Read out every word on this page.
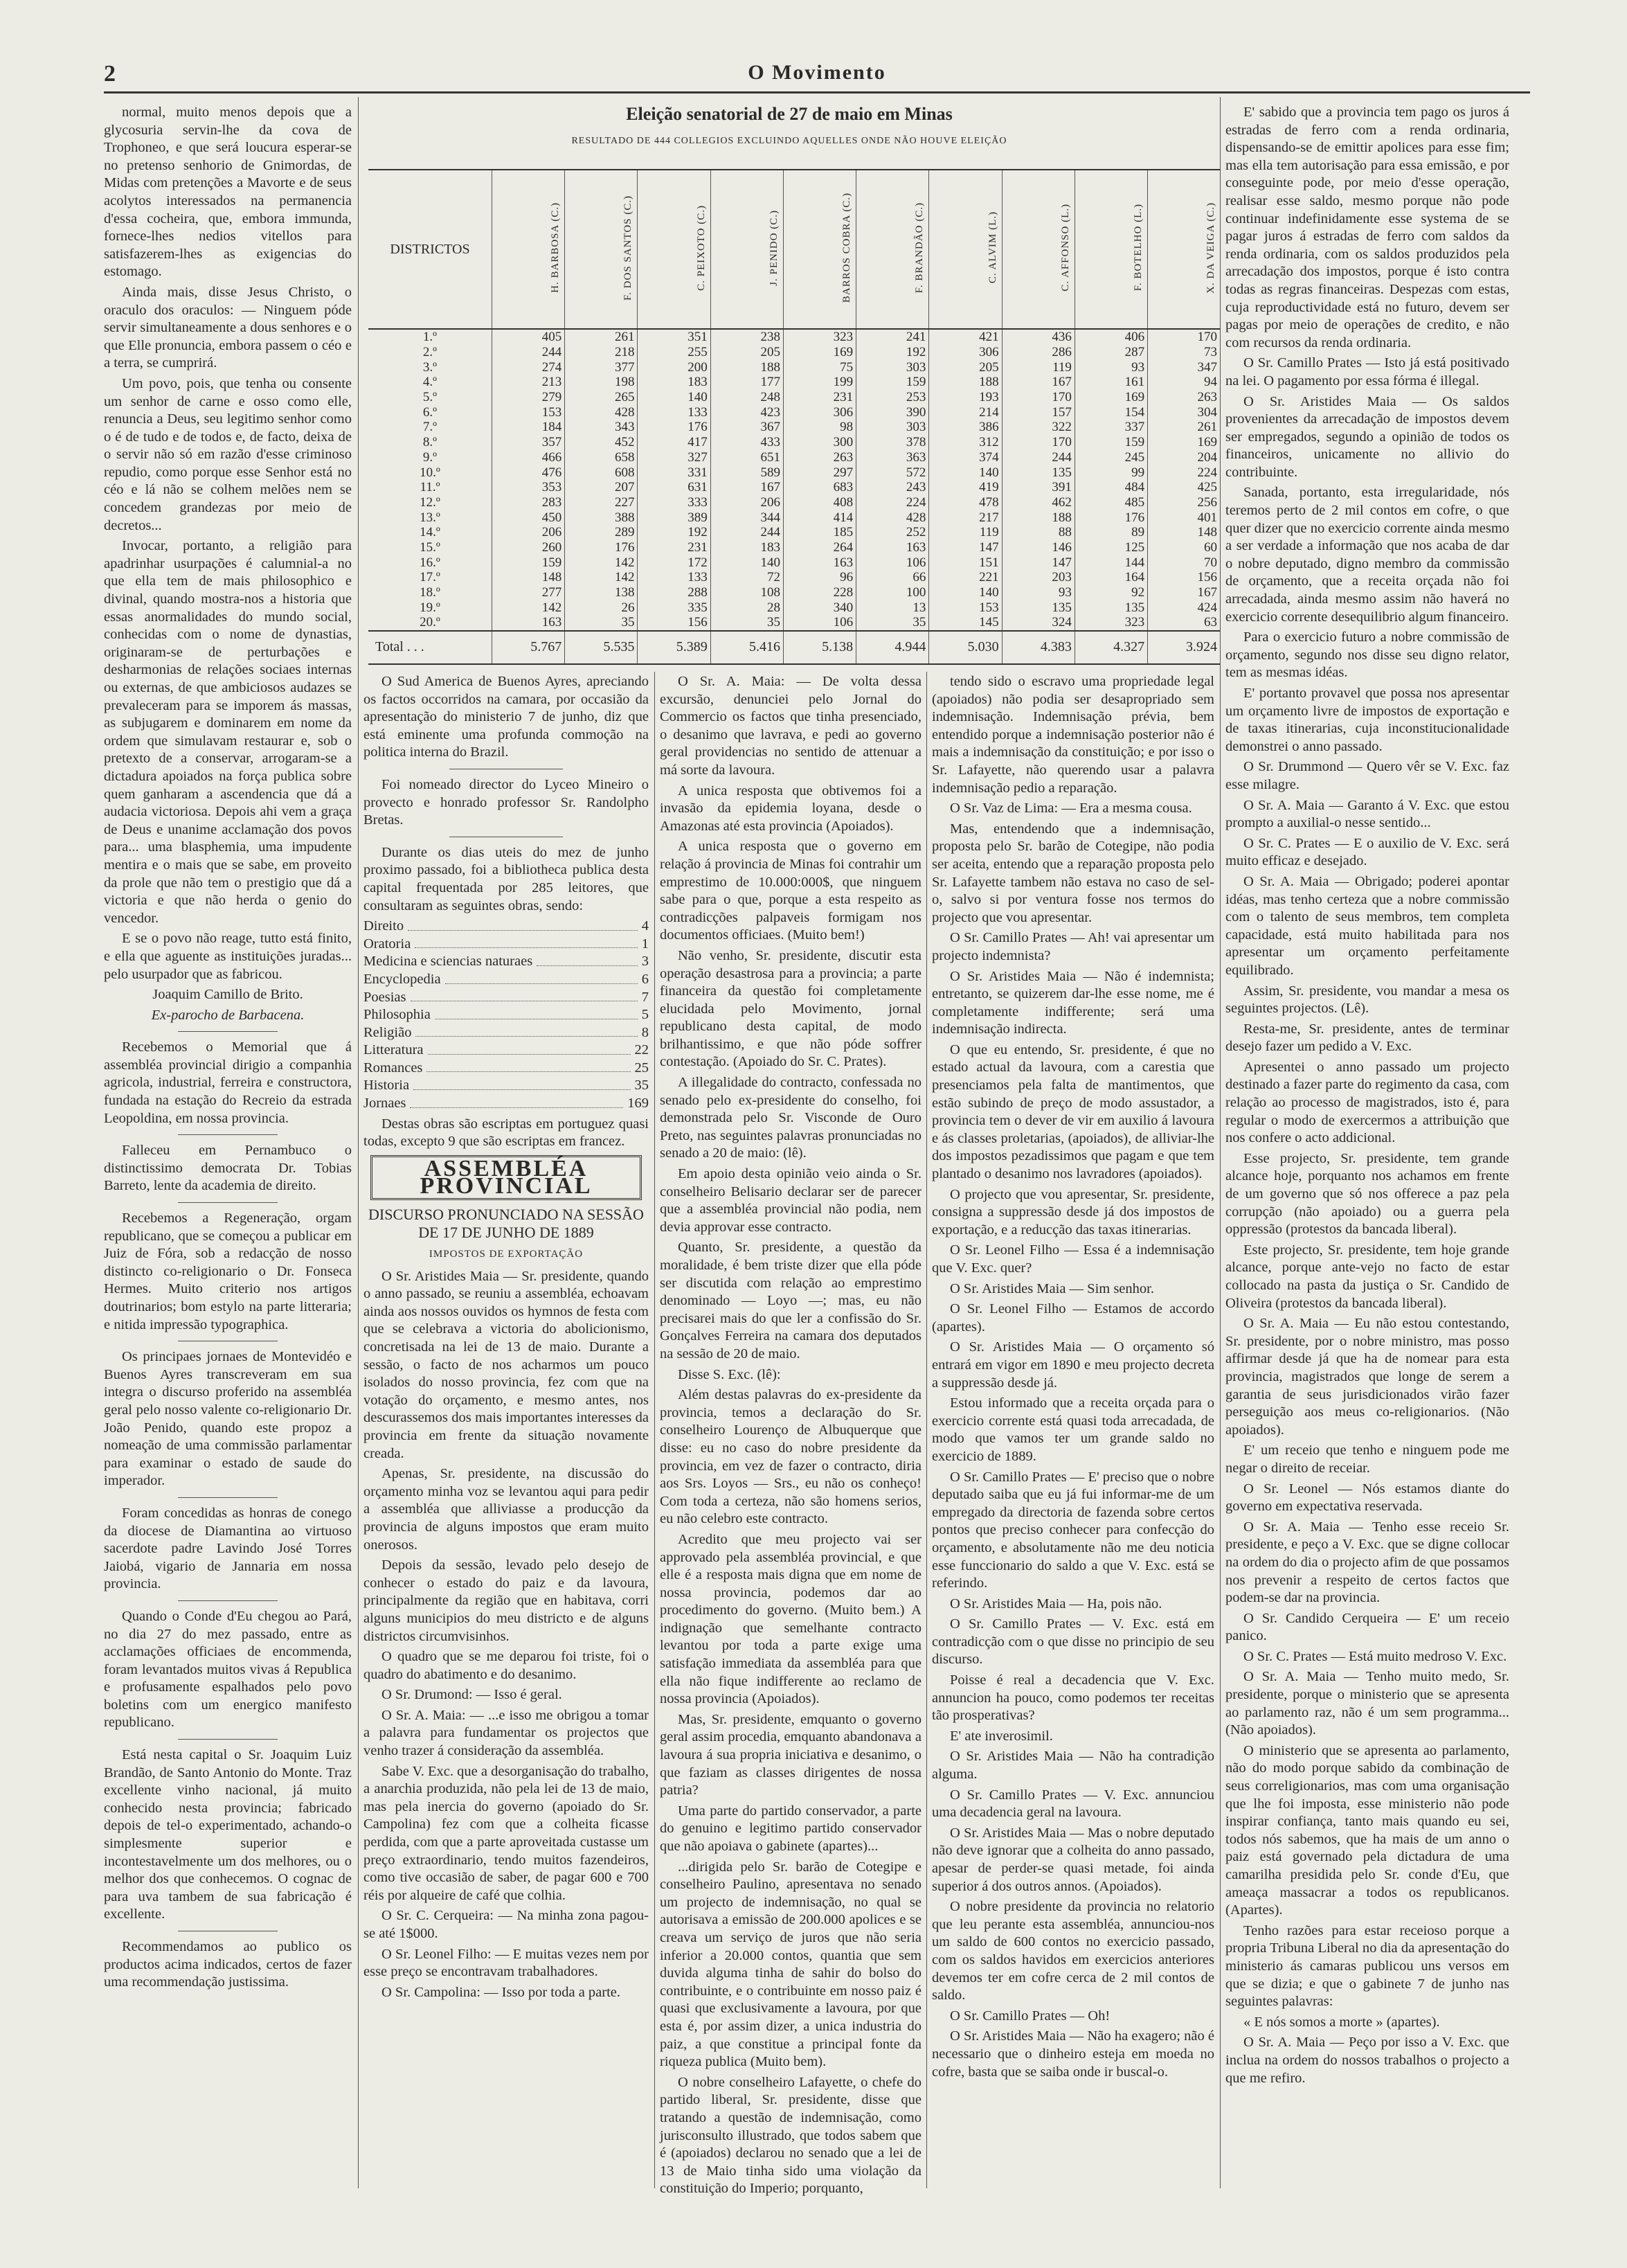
2	O Movimento

normal, muito menos depois que a glycosuria servin-lhe da cova de Trophoneo, e que será loucura esperar-se no pretenso senhorio de Gnimordas, de Midas com pretenções a Mavorte e de seus acolytos interessados na permanencia d'essa cocheira, que, embora immunda, fornece-lhes nedios vitellos para satisfazerem-lhes as exigencias do estomago.

Ainda mais, disse Jesus Christo, o oraculo dos oraculos: — Ninguem póde servir simultaneamente a dous senhores e o que Elle pronuncia, embora passem o céo e a terra, se cumprirá.

Um povo, pois, que tenha ou consente um senhor de carne e osso como elle, renuncia a Deus, seu legitimo senhor como o é de tudo e de todos e, de facto, deixa de o servir não só em razão d'esse criminoso repudio, como porque esse Senhor está no céo e lá não se colhem melões nem se concedem grandezas por meio de decretos...

Invocar, portanto, a religião para apadrinhar usurpações é calumnial-a no que ella tem de mais philosophico e divinal, quando mostra-nos a historia que essas anormalidades do mundo social, conhecidas com o nome de dynastias, originaram-se de perturbações e desharmonias de relações sociaes internas ou externas, de que ambiciosos audazes se prevaleceram para se imporem ás massas, as subjugarem e dominarem em nome da ordem que simulavam restaurar e, sob o pretexto de a conservar, arrogaram-se a dictadura apoiados na força publica sobre quem ganharam a ascendencia que dá a audacia victoriosa. Depois ahi vem a graça de Deus e unanime acclamação dos povos para... uma blasphemia, uma impudente mentira e o mais que se sabe, em proveito da prole que não tem o prestigio que dá a victoria e que não herda o genio do vencedor.

E se o povo não reage, tutto está finito, e ella que aguente as instituições juradas... pelo usurpador que as fabricou.

Joaquim Camillo de Brito.

Ex-parocho de Barbacena.

Recebemos o Memorial que á assembléa provincial dirigio a companhia agricola, industrial, ferreira e constructora, fundada na estação do Recreio da estrada Leopoldina, em nossa provincia.

Falleceu em Pernambuco o distinctissimo democrata Dr. Tobias Barreto, lente da academia de direito.

Recebemos a Regeneração, orgam republicano, que se começou a publicar em Juiz de Fóra, sob a redacção de nosso distincto co-religionario o Dr. Fonseca Hermes. Muito criterio nos artigos doutrinarios; bom estylo na parte litteraria; e nitida impressão typographica.

Os principaes jornaes de Montevidéo e Buenos Ayres transcreveram em sua integra o discurso proferido na assembléa geral pelo nosso valente co-religionario Dr. João Penido, quando este propoz a nomeação de uma commissão parlamentar para examinar o estado de saude do imperador.

Foram concedidas as honras de conego da diocese de Diamantina ao virtuoso sacerdote padre Lavindo José Torres Jaiobá, vigario de Jannaria em nossa provincia.

Quando o Conde d'Eu chegou ao Pará, no dia 27 do mez passado, entre as acclamações officiaes de encommenda, foram levantados muitos vivas á Republica e profusamente espalhados pelo povo boletins com um energico manifesto republicano.

Está nesta capital o Sr. Joaquim Luiz Brandão, de Santo Antonio do Monte. Traz excellente vinho nacional, já muito conhecido nesta provincia; fabricado depois de tel-o experimentado, achando-o simplesmente superior e incontestavelmente um dos melhores, ou o melhor dos que conhecemos. O cognac de para uva tambem de sua fabricação é excellente.

Recommendamos ao publico os productos acima indicados, certos de fazer uma recommendação justissima.

Eleição senatorial de 27 de maio em Minas
RESULTADO DE 444 COLLEGIOS EXCLUINDO AQUELLES ONDE NÃO HOUVE ELEIÇÃO
DISTRICTOS	H. BARBOSA (C.)	F. DOS SANTOS (C.)	C. PEIXOTO (C.)	J. PENIDO (C.)	BARROS COBRA (C.)	F. BRANDÃO (C.)	C. ALVIM (L.)	C. AFFONSO (L.)	F. BOTELHO (L.)	X. DA VEIGA (C.)
1.º	405	261	351	238	323	241	421	436	406	170
2.º	244	218	255	205	169	192	306	286	287	73
3.º	274	377	200	188	75	303	205	119	93	347
4.º	213	198	183	177	199	159	188	167	161	94
5.º	279	265	140	248	231	253	193	170	169	263
6.º	153	428	133	423	306	390	214	157	154	304
7.º	184	343	176	367	98	303	386	322	337	261
8.º	357	452	417	433	300	378	312	170	159	169
9.º	466	658	327	651	263	363	374	244	245	204
10.º	476	608	331	589	297	572	140	135	99	224
11.º	353	207	631	167	683	243	419	391	484	425
12.º	283	227	333	206	408	224	478	462	485	256
13.º	450	388	389	344	414	428	217	188	176	401
14.º	206	289	192	244	185	252	119	88	89	148
15.º	260	176	231	183	264	163	147	146	125	60
16.º	159	142	172	140	163	106	151	147	144	70
17.º	148	142	133	72	96	66	221	203	164	156
18.º	277	138	288	108	228	100	140	93	92	167
19.º	142	26	335	28	340	13	153	135	135	424
20.º	163	35	156	35	106	35	145	324	323	63
Total . . .	5.767	5.535	5.389	5.416	5.138	4.944	5.030	4.383	4.327	3.924

O Sud America de Buenos Ayres, apreciando os factos occorridos na camara, por occasião da apresentação do ministerio 7 de junho, diz que está eminente uma profunda commoção na politica interna do Brazil.

Foi nomeado director do Lyceo Mineiro o provecto e honrado professor Sr. Randolpho Bretas.

Durante os dias uteis do mez de junho proximo passado, foi a bibliotheca publica desta capital frequentada por 285 leitores, que consultaram as seguintes obras, sendo:

Direito	4
Oratoria	1
Medicina e sciencias naturaes	3
Encyclopedia	6
Poesias	7
Philosophia	5
Religião	8
Litteratura	22
Romances	25
Historia	35
Jornaes	169

Destas obras são escriptas em portuguez quasi todas, excepto 9 que são escriptas em francez.

ASSEMBLÉA PROVINCIAL
DISCURSO PRONUNCIADO NA SESSÃO DE 17 DE JUNHO DE 1889
IMPOSTOS DE EXPORTAÇÃO

O Sr. Aristides Maia — Sr. presidente, quando o anno passado, se reuniu a assembléa, echoavam ainda aos nossos ouvidos os hymnos de festa com que se celebrava a victoria do abolicionismo, concretisada na lei de 13 de maio. Durante a sessão, o facto de nos acharmos um pouco isolados do nosso provincia, fez com que na votação do orçamento, e mesmo antes, nos descurassemos dos mais importantes interesses da provincia em frente da situação novamente creada.

Apenas, Sr. presidente, na discussão do orçamento minha voz se levantou aqui para pedir a assembléa que alliviasse a producção da provincia de alguns impostos que eram muito onerosos.

Depois da sessão, levado pelo desejo de conhecer o estado do paiz e da lavoura, principalmente da região que en habitava, corri alguns municipios do meu districto e de alguns districtos circumvisinhos.

O quadro que se me deparou foi triste, foi o quadro do abatimento e do desanimo.

O Sr. Drumond: — Isso é geral.

O Sr. A. Maia: — ...e isso me obrigou a tomar a palavra para fundamentar os projectos que venho trazer á consideração da assembléa.

Sabe V. Exc. que a desorganisação do trabalho, a anarchia produzida, não pela lei de 13 de maio, mas pela inercia do governo (apoiado do Sr. Campolina) fez com que a colheita ficasse perdida, com que a parte aproveitada custasse um preço extraordinario, tendo muitos fazendeiros, como tive occasião de saber, de pagar 600 e 700 réis por alqueire de café que colhia.

O Sr. C. Cerqueira: — Na minha zona pagou-se até 1$000.

O Sr. Leonel Filho: — E muitas vezes nem por esse preço se encontravam trabalhadores.

O Sr. Campolina: — Isso por toda a parte.

O Sr. A. Maia: — De volta dessa excursão, denunciei pelo Jornal do Commercio os factos que tinha presenciado, o desanimo que lavrava, e pedi ao governo geral providencias no sentido de attenuar a má sorte da lavoura.

A unica resposta que obtivemos foi a invasão da epidemia loyana, desde o Amazonas até esta provincia (Apoiados).

A unica resposta que o governo em relação á provincia de Minas foi contrahir um emprestimo de 10.000:000$, que ninguem sabe para o que, porque a esta respeito as contradicções palpaveis formigam nos documentos officiaes. (Muito bem!)

Não venho, Sr. presidente, discutir esta operação desastrosa para a provincia; a parte financeira da questão foi completamente elucidada pelo Movimento, jornal republicano desta capital, de modo brilhantissimo, e que não póde soffrer contestação. (Apoiado do Sr. C. Prates).

A illegalidade do contracto, confessada no senado pelo ex-presidente do conselho, foi demonstrada pelo Sr. Visconde de Ouro Preto, nas seguintes palavras pronunciadas no senado a 20 de maio: (lê).

Em apoio desta opinião veio ainda o Sr. conselheiro Belisario declarar ser de parecer que a assembléa provincial não podia, nem devia approvar esse contracto.

Quanto, Sr. presidente, a questão da moralidade, é bem triste dizer que ella póde ser discutida com relação ao emprestimo denominado — Loyo —; mas, eu não precisarei mais do que ler a confissão do Sr. Gonçalves Ferreira na camara dos deputados na sessão de 20 de maio.

Disse S. Exc. (lê):

Além destas palavras do ex-presidente da provincia, temos a declaração do Sr. conselheiro Lourenço de Albuquerque que disse: eu no caso do nobre presidente da provincia, em vez de fazer o contracto, diria aos Srs. Loyos — Srs., eu não os conheço! Com toda a certeza, não são homens serios, eu não celebro este contracto.

Acredito que meu projecto vai ser approvado pela assembléa provincial, e que elle é a resposta mais digna que em nome de nossa provincia, podemos dar ao procedimento do governo. (Muito bem.) A indignação que semelhante contracto levantou por toda a parte exige uma satisfação immediata da assembléa para que ella não fique indifferente ao reclamo de nossa provincia (Apoiados).

Mas, Sr. presidente, emquanto o governo geral assim procedia, emquanto abandonava a lavoura á sua propria iniciativa e desanimo, o que faziam as classes dirigentes de nossa patria?

Uma parte do partido conservador, a parte do genuino e legitimo partido conservador que não apoiava o gabinete (apartes)...

...dirigida pelo Sr. barão de Cotegipe e conselheiro Paulino, apresentava no senado um projecto de indemnisação, no qual se autorisava a emissão de 200.000 apolices e se creava um serviço de juros que não seria inferior a 20.000 contos, quantia que sem duvida alguma tinha de sahir do bolso do contribuinte, e o contribuinte em nosso paiz é quasi que exclusivamente a lavoura, por que esta é, por assim dizer, a unica industria do paiz, a que constitue a principal fonte da riqueza publica (Muito bem).

O nobre conselheiro Lafayette, o chefe do partido liberal, Sr. presidente, disse que tratando a questão de indemnisação, como jurisconsulto illustrado, que todos sabem que é (apoiados) declarou no senado que a lei de 13 de Maio tinha sido uma violação da constituição do Imperio; porquanto,

tendo sido o escravo uma propriedade legal (apoiados) não podia ser desapropriado sem indemnisação. Indemnisação prévia, bem entendido porque a indemnisação posterior não é mais a indemnisação da constituição; e por isso o Sr. Lafayette, não querendo usar a palavra indemnisação pedio a reparação.

O Sr. Vaz de Lima: — Era a mesma cousa.

Mas, entendendo que a indemnisação, proposta pelo Sr. barão de Cotegipe, não podia ser aceita, entendo que a reparação proposta pelo Sr. Lafayette tambem não estava no caso de sel-o, salvo si por ventura fosse nos termos do projecto que vou apresentar.

O Sr. Camillo Prates — Ah! vai apresentar um projecto indemnista?

O Sr. Aristides Maia — Não é indemnista; entretanto, se quizerem dar-lhe esse nome, me é completamente indifferente; será uma indemnisação indirecta.

O que eu entendo, Sr. presidente, é que no estado actual da lavoura, com a carestia que presenciamos pela falta de mantimentos, que estão subindo de preço de modo assustador, a provincia tem o dever de vir em auxilio á lavoura e ás classes proletarias, (apoiados), de alliviar-lhe dos impostos pezadissimos que pagam e que tem plantado o desanimo nos lavradores (apoiados).

O projecto que vou apresentar, Sr. presidente, consigna a suppressão desde já dos impostos de exportação, e a reducção das taxas itinerarias.

O Sr. Leonel Filho — Essa é a indemnisação que V. Exc. quer?

O Sr. Aristides Maia — Sim senhor.

O Sr. Leonel Filho — Estamos de accordo (apartes).

O Sr. Aristides Maia — O orçamento só entrará em vigor em 1890 e meu projecto decreta a suppressão desde já.

Estou informado que a receita orçada para o exercicio corrente está quasi toda arrecadada, de modo que vamos ter um grande saldo no exercicio de 1889.

O Sr. Camillo Prates — E' preciso que o nobre deputado saiba que eu já fui informar-me de um empregado da directoria de fazenda sobre certos pontos que preciso conhecer para confecção do orçamento, e absolutamente não me deu noticia esse funccionario do saldo a que V. Exc. está se referindo.

O Sr. Aristides Maia — Ha, pois não.

O Sr. Camillo Prates — V. Exc. está em contradicção com o que disse no principio de seu discurso.

Poisse é real a decadencia que V. Exc. annuncion ha pouco, como podemos ter receitas tão prosperativas?

E' ate inverosimil.

O Sr. Aristides Maia — Não ha contradição alguma.

O Sr. Camillo Prates — V. Exc. annunciou uma decadencia geral na lavoura.

O Sr. Aristides Maia — Mas o nobre deputado não deve ignorar que a colheita do anno passado, apesar de perder-se quasi metade, foi ainda superior á dos outros annos. (Apoiados).

O nobre presidente da provincia no relatorio que leu perante esta assembléa, annunciou-nos um saldo de 600 contos no exercicio passado, com os saldos havidos em exercicios anteriores devemos ter em cofre cerca de 2 mil contos de saldo.

O Sr. Camillo Prates — Oh!

O Sr. Aristides Maia — Não ha exagero; não é necessario que o dinheiro esteja em moeda no cofre, basta que se saiba onde ir buscal-o.

E' sabido que a provincia tem pago os juros á estradas de ferro com a renda ordinaria, dispensando-se de emittir apolices para esse fim; mas ella tem autorisação para essa emissão, e por conseguinte pode, por meio d'esse operação, realisar esse saldo, mesmo porque não pode continuar indefinidamente esse systema de se pagar juros á estradas de ferro com saldos da renda ordinaria, com os saldos produzidos pela arrecadação dos impostos, porque é isto contra todas as regras financeiras. Despezas com estas, cuja reproductividade está no futuro, devem ser pagas por meio de operações de credito, e não com recursos da renda ordinaria.

O Sr. Camillo Prates — Isto já está positivado na lei. O pagamento por essa fórma é illegal.

O Sr. Aristides Maia — Os saldos provenientes da arrecadação de impostos devem ser empregados, segundo a opinião de todos os financeiros, unicamente no allivio do contribuinte.

Sanada, portanto, esta irregularidade, nós teremos perto de 2 mil contos em cofre, o que quer dizer que no exercicio corrente ainda mesmo a ser verdade a informação que nos acaba de dar o nobre deputado, digno membro da commissão de orçamento, que a receita orçada não foi arrecadada, ainda mesmo assim não haverá no exercicio corrente desequilibrio algum financeiro.

Para o exercicio futuro a nobre commissão de orçamento, segundo nos disse seu digno relator, tem as mesmas idéas.

E' portanto provavel que possa nos apresentar um orçamento livre de impostos de exportação e de taxas itinerarias, cuja inconstitucionalidade demonstrei o anno passado.

O Sr. Drummond — Quero vêr se V. Exc. faz esse milagre.

O Sr. A. Maia — Garanto á V. Exc. que estou prompto a auxilial-o nesse sentido...

O Sr. C. Prates — E o auxilio de V. Exc. será muito efficaz e desejado.

O Sr. A. Maia — Obrigado; poderei apontar idéas, mas tenho certeza que a nobre commissão com o talento de seus membros, tem completa capacidade, está muito habilitada para nos apresentar um orçamento perfeitamente equilibrado.

Assim, Sr. presidente, vou mandar a mesa os seguintes projectos. (Lê).

Resta-me, Sr. presidente, antes de terminar desejo fazer um pedido a V. Exc.

Apresentei o anno passado um projecto destinado a fazer parte do regimento da casa, com relação ao processo de magistrados, isto é, para regular o modo de exercermos a attribuição que nos confere o acto addicional.

Esse projecto, Sr. presidente, tem grande alcance hoje, porquanto nos achamos em frente de um governo que só nos offerece a paz pela corrupção (não apoiado) ou a guerra pela oppressão (protestos da bancada liberal).

Este projecto, Sr. presidente, tem hoje grande alcance, porque ante-vejo no facto de estar collocado na pasta da justiça o Sr. Candido de Oliveira (protestos da bancada liberal).

O Sr. A. Maia — Eu não estou contestando, Sr. presidente, por o nobre ministro, mas posso affirmar desde já que ha de nomear para esta provincia, magistrados que longe de serem a garantia de seus jurisdicionados virão fazer perseguição aos meus co-religionarios. (Não apoiados).

E' um receio que tenho e ninguem pode me negar o direito de receiar.

O Sr. Leonel — Nós estamos diante do governo em expectativa reservada.

O Sr. A. Maia — Tenho esse receio Sr. presidente, e peço a V. Exc. que se digne collocar na ordem do dia o projecto afim de que possamos nos prevenir a respeito de certos factos que podem-se dar na provincia.

O Sr. Candido Cerqueira — E' um receio panico.

O Sr. C. Prates — Está muito medroso V. Exc.

O Sr. A. Maia — Tenho muito medo, Sr. presidente, porque o ministerio que se apresenta ao parlamento raz, não é um sem programma... (Não apoiados).

O ministerio que se apresenta ao parlamento, não do modo porque sabido da combinação de seus correligionarios, mas com uma organisação que lhe foi imposta, esse ministerio não pode inspirar confiança, tanto mais quando eu sei, todos nós sabemos, que ha mais de um anno o paiz está governado pela dictadura de uma camarilha presidida pelo Sr. conde d'Eu, que ameaça massacrar a todos os republicanos. (Apartes).

Tenho razões para estar receioso porque a propria Tribuna Liberal no dia da apresentação do ministerio ás camaras publicou uns versos em que se dizia; e que o gabinete 7 de junho nas seguintes palavras:

« E nós somos a morte » (apartes).

O Sr. A. Maia — Peço por isso a V. Exc. que inclua na ordem do nossos trabalhos o projecto a que me refiro.
